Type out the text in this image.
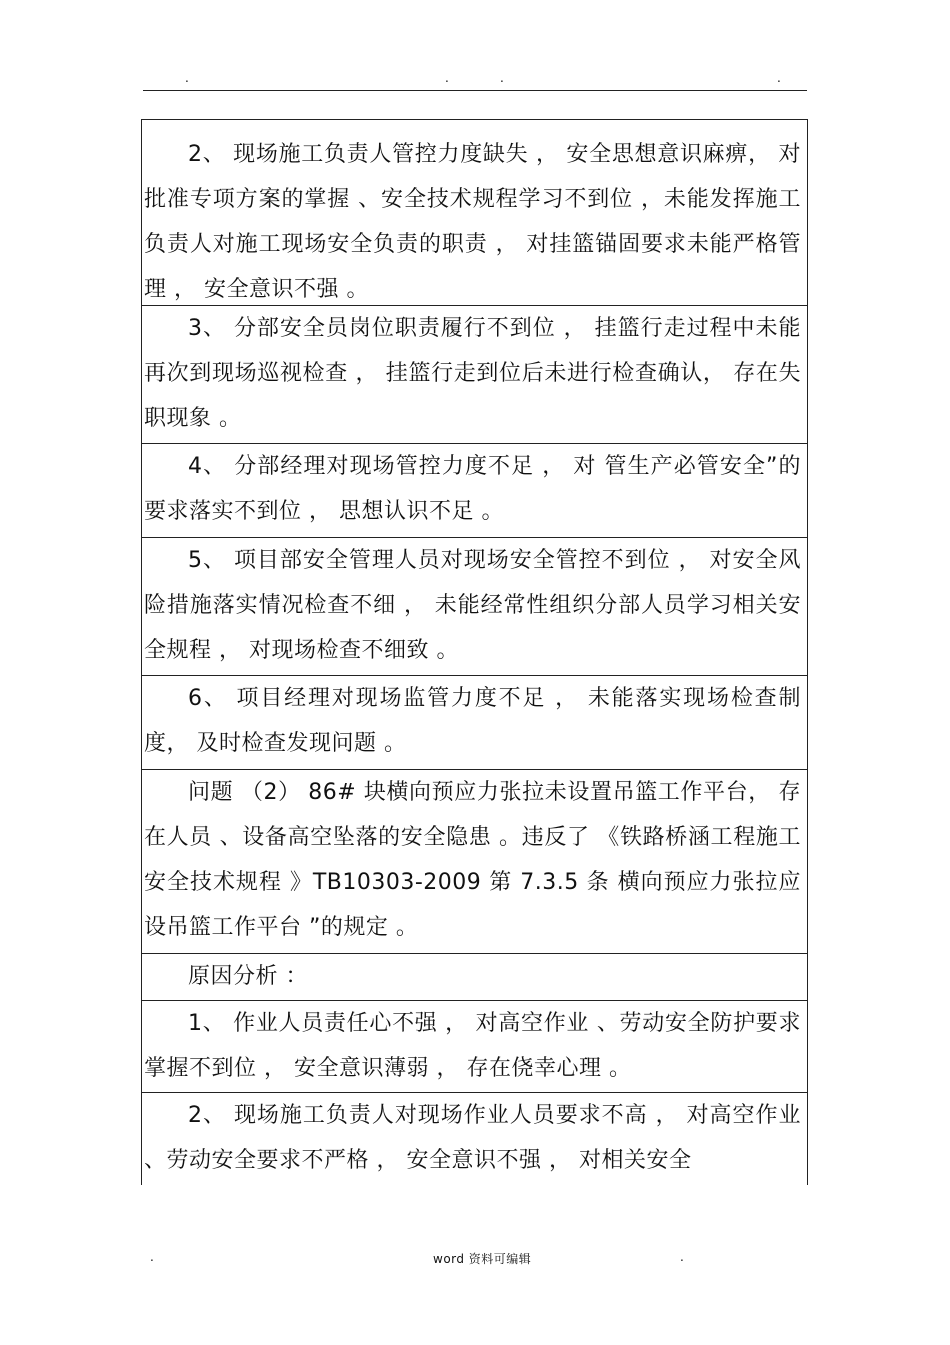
.	.	.	.

2、 现场施工负责人管控力度缺失 ， 安全思想意识麻痹， 对批准专项方案的掌握 、安全技术规程学习不到位 ，未能发挥施工负责人对施工现场安全负责的职责 ， 对挂篮锚固要求未能严格管理 ， 安全意识不强 。

3、 分部安全员岗位职责履行不到位 ， 挂篮行走过程中未能再次到现场巡视检查 ， 挂篮行走到位后未进行检查确认， 存在失职现象 。

4、 分部经理对现场管控力度不足 ， 对 管生产必管安全”的要求落实不到位 ， 思想认识不足 。

5、 项目部安全管理人员对现场安全管控不到位 ， 对安全风险措施落实情况检查不细 ， 未能经常性组织分部人员学习相关安全规程 ， 对现场检查不细致 。

6、 项目经理对现场监管力度不足 ， 未能落实现场检查制度， 及时检查发现问题 。

问题 （2） 86# 块横向预应力张拉未设置吊篮工作平台， 存在人员 、设备高空坠落的安全隐患 。违反了 《铁路桥涵工程施工安全技术规程 》TB10303-2009 第 7.3.5 条 横向预应力张拉应设吊篮工作平台 ”的规定 。

原因分析 ：

1、 作业人员责任心不强 ， 对高空作业 、劳动安全防护要求掌握不到位 ， 安全意识薄弱 ， 存在侥幸心理 。

2、 现场施工负责人对现场作业人员要求不高 ， 对高空作业 、劳动安全要求不严格 ， 安全意识不强 ， 对相关安全

.	word 资料可编辑	.
